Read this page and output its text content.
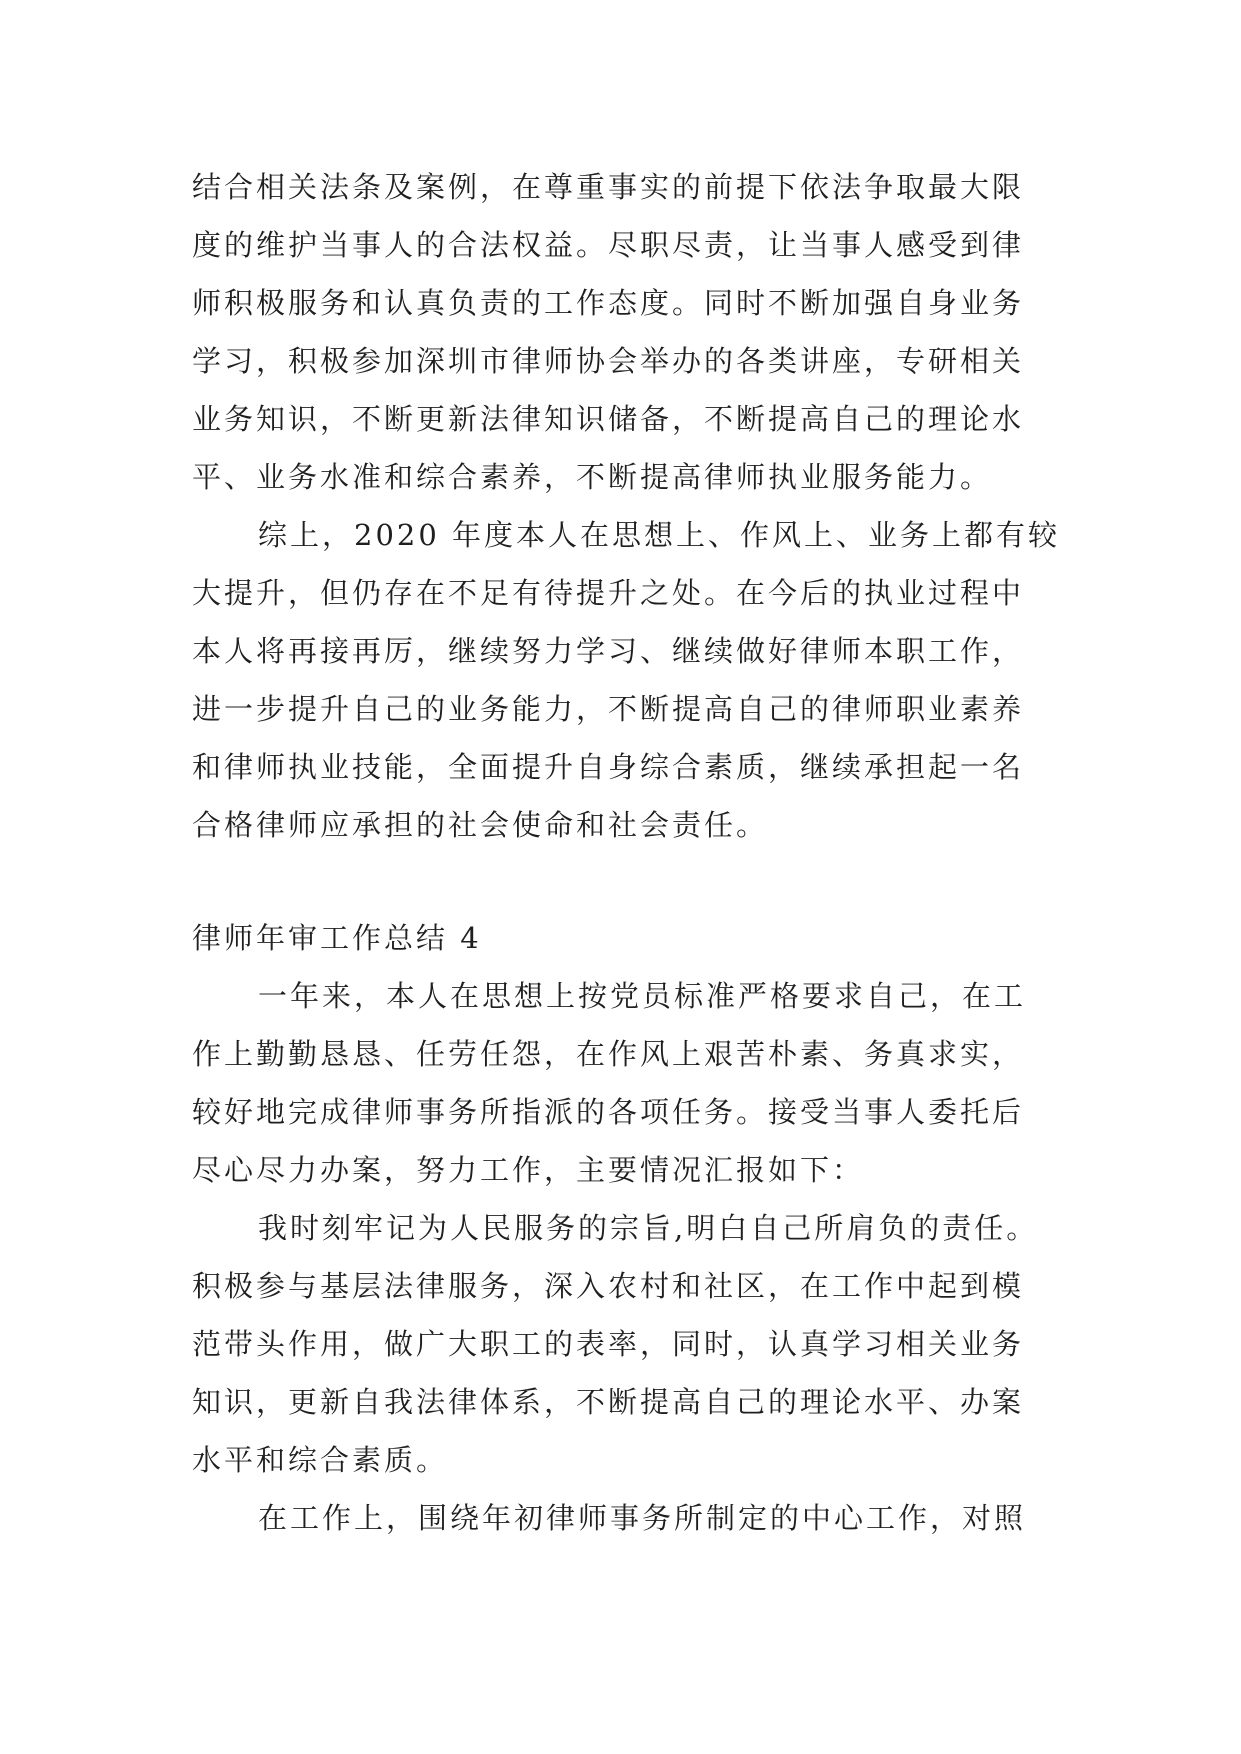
结合相关法条及案例，在尊重事实的前提下依法争取最大限
度的维护当事人的合法权益。尽职尽责，让当事人感受到律
师积极服务和认真负责的工作态度。同时不断加强自身业务
学习，积极参加深圳市律师协会举办的各类讲座，专研相关
业务知识，不断更新法律知识储备，不断提高自己的理论水
平、业务水准和综合素养，不断提高律师执业服务能力。
综上，2020 年度本人在思想上、作风上、业务上都有较
大提升，但仍存在不足有待提升之处。在今后的执业过程中
本人将再接再厉，继续努力学习、继续做好律师本职工作，
进一步提升自己的业务能力，不断提高自己的律师职业素养
和律师执业技能，全面提升自身综合素质，继续承担起一名
合格律师应承担的社会使命和社会责任。
律师年审工作总结 4
一年来，本人在思想上按党员标准严格要求自己，在工
作上勤勤恳恳、任劳任怨，在作风上艰苦朴素、务真求实，
较好地完成律师事务所指派的各项任务。接受当事人委托后
尽心尽力办案，努力工作，主要情况汇报如下：
我时刻牢记为人民服务的宗旨,明白自己所肩负的责任。
积极参与基层法律服务，深入农村和社区，在工作中起到模
范带头作用，做广大职工的表率，同时，认真学习相关业务
知识，更新自我法律体系，不断提高自己的理论水平、办案
水平和综合素质。
在工作上，围绕年初律师事务所制定的中心工作，对照
